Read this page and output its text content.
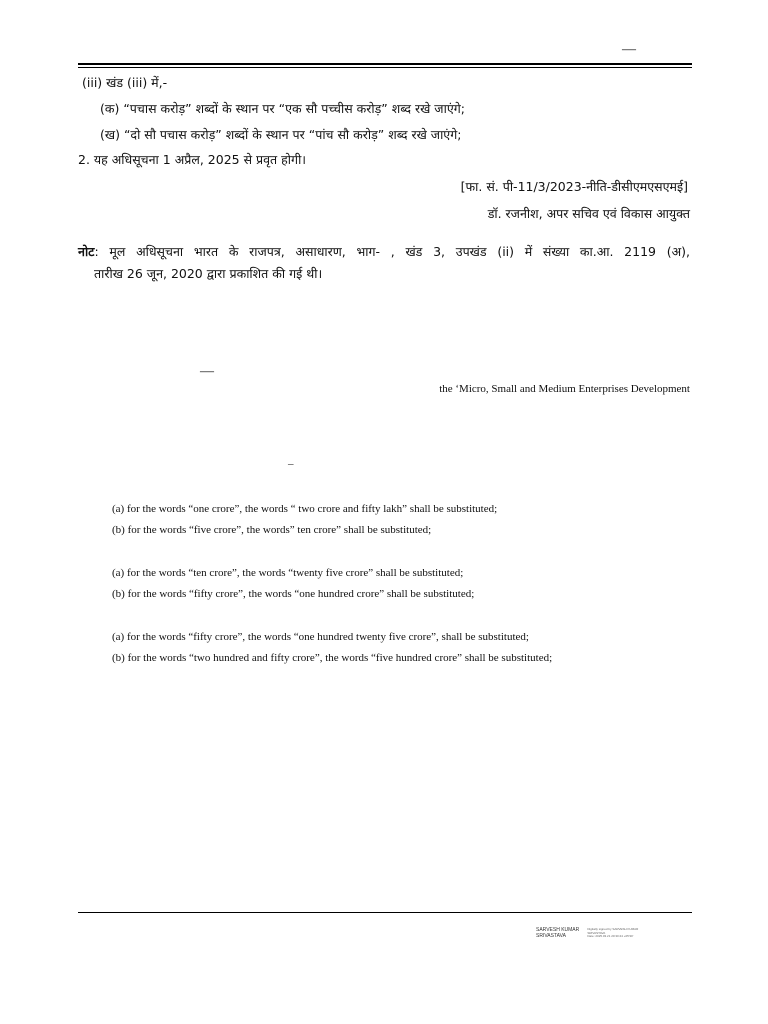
—
(iii) खंड (iii) में,-
(क) “पचास करोड़” शब्दों के स्थान पर “एक सौ पच्चीस करोड़” शब्द रखे जाएंगे;
(ख) “दो सौ पचास करोड़” शब्दों के स्थान पर “पांच सौ करोड़” शब्द रखे जाएंगे;
2. यह अधिसूचना 1 अप्रैल, 2025 से प्रवृत होगी।
[फा. सं. पी-11/3/2023-नीति-डीसीएमएसएमई]
डॉ. रजनीश, अपर सचिव एवं विकास आयुक्त

नोट: मूल अधिसूचना भारत के राजपत्र, असाधारण, भाग- , खंड 3, उपखंड (ii) में संख्या का.आ. 2119 (अ),

तारीख 26 जून, 2020 द्वारा प्रकाशित की गई थी।

—
the ‘Micro, Small and Medium Enterprises Development
–
(a) for the words “one crore”, the words “ two crore and fifty lakh” shall be substituted;
(b) for the words “five crore”, the words” ten crore” shall be substituted;
(a) for the words “ten crore”, the words “twenty five crore” shall be substituted;
(b) for the words “fifty crore”, the words “one hundred crore” shall be substituted;
(a) for the words “fifty crore”, the words “one hundred twenty five crore”, shall be substituted;
(b) for the words “two hundred and fifty crore”, the words “five hundred crore” shall be substituted;
SARVESH KUMAR
SRIVASTAVA

Digitally signed by SARVESH KUMAR
SRIVASTAVA
Date: 2025.03.21 20:30:44 +05'30'
